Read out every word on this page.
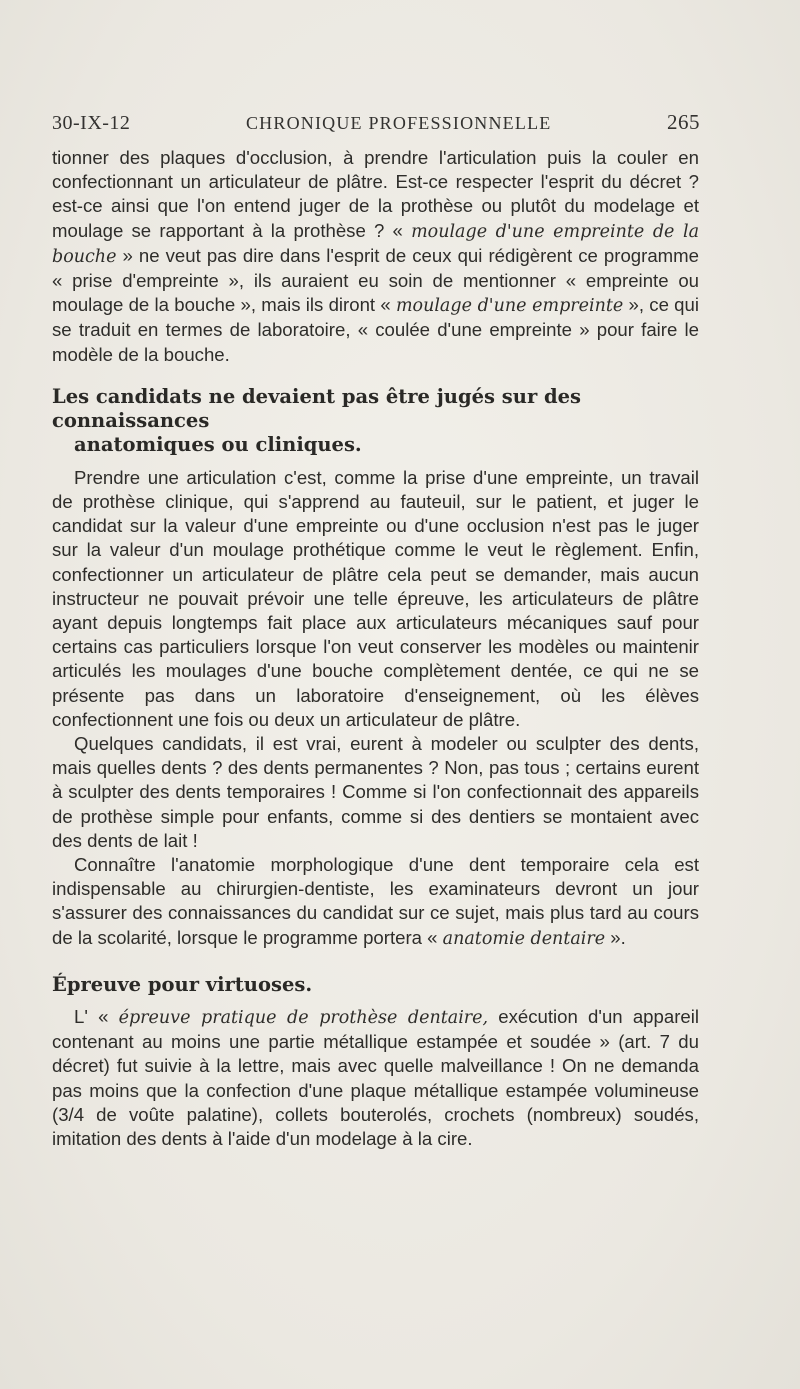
30-IX-12	CHRONIQUE PROFESSIONNELLE	265

tionner des plaques d'occlusion, à prendre l'articulation puis la couler en confectionnant un articulateur de plâtre. Est-ce respecter l'esprit du décret ? est-ce ainsi que l'on entend juger de la prothèse ou plutôt du modelage et moulage se rapportant à la prothèse ? « moulage d'une empreinte de la bouche » ne veut pas dire dans l'esprit de ceux qui rédigèrent ce programme « prise d'empreinte », ils auraient eu soin de mentionner « empreinte ou moulage de la bouche », mais ils diront « moulage d'une empreinte », ce qui se traduit en termes de laboratoire, « coulée d'une empreinte » pour faire le modèle de la bouche.

Les candidats ne devaient pas être jugés sur des connaissances
anatomiques ou cliniques.

Prendre une articulation c'est, comme la prise d'une empreinte, un travail de prothèse clinique, qui s'apprend au fauteuil, sur le patient, et juger le candidat sur la valeur d'une empreinte ou d'une occlusion n'est pas le juger sur la valeur d'un moulage prothétique comme le veut le règlement. Enfin, confectionner un articulateur de plâtre cela peut se demander, mais aucun instructeur ne pouvait prévoir une telle épreuve, les articulateurs de plâtre ayant depuis longtemps fait place aux articulateurs mécaniques sauf pour certains cas particuliers lorsque l'on veut conserver les modèles ou maintenir articulés les moulages d'une bouche complètement dentée, ce qui ne se présente pas dans un laboratoire d'enseignement, où les élèves confectionnent une fois ou deux un articulateur de plâtre.

Quelques candidats, il est vrai, eurent à modeler ou sculpter des dents, mais quelles dents ? des dents permanentes ? Non, pas tous ; certains eurent à sculpter des dents temporaires ! Comme si l'on confectionnait des appareils de prothèse simple pour enfants, comme si des dentiers se montaient avec des dents de lait !

Connaître l'anatomie morphologique d'une dent temporaire cela est indispensable au chirurgien-dentiste, les examinateurs devront un jour s'assurer des connaissances du candidat sur ce sujet, mais plus tard au cours de la scolarité, lorsque le programme portera « anatomie dentaire ».

Épreuve pour virtuoses.

L' « épreuve pratique de prothèse dentaire, exécution d'un appareil contenant au moins une partie métallique estampée et soudée » (art. 7 du décret) fut suivie à la lettre, mais avec quelle malveillance ! On ne demanda pas moins que la confection d'une plaque métallique estampée volumineuse (3/4 de voûte palatine), collets bouterolés, crochets (nombreux) soudés, imitation des dents à l'aide d'un modelage à la cire.
